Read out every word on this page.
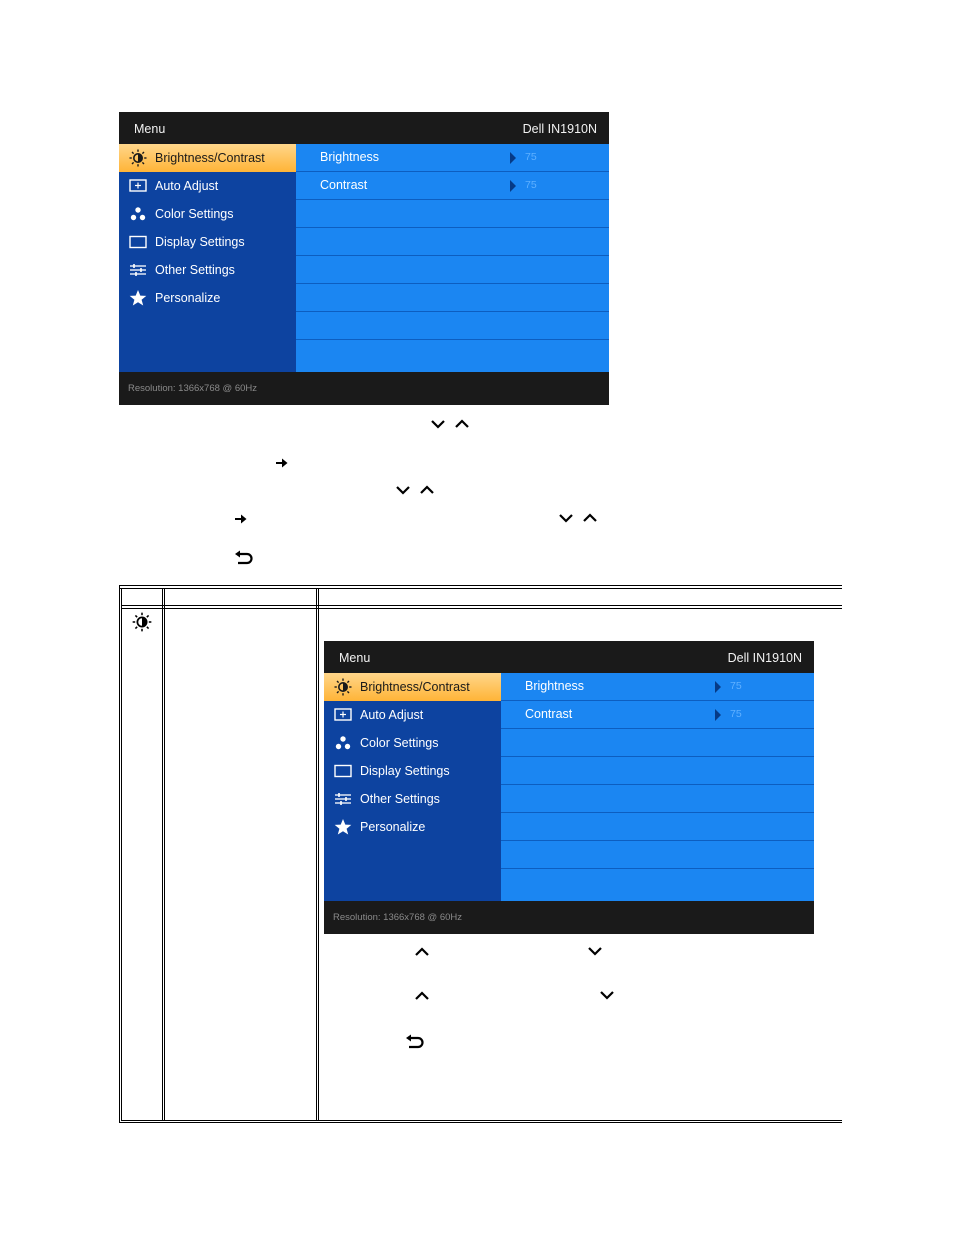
Menu	Dell IN1910N
Brightness/Contrast
Auto Adjust
Color Settings
Display Settings
Other Settings
Personalize
Brightness	75
Contrast	75
Resolution: 1366x768 @ 60Hz
Menu	Dell IN1910N
Brightness/Contrast
Auto Adjust
Color Settings
Display Settings
Other Settings
Personalize
Brightness	75
Contrast	75
Resolution: 1366x768 @ 60Hz
